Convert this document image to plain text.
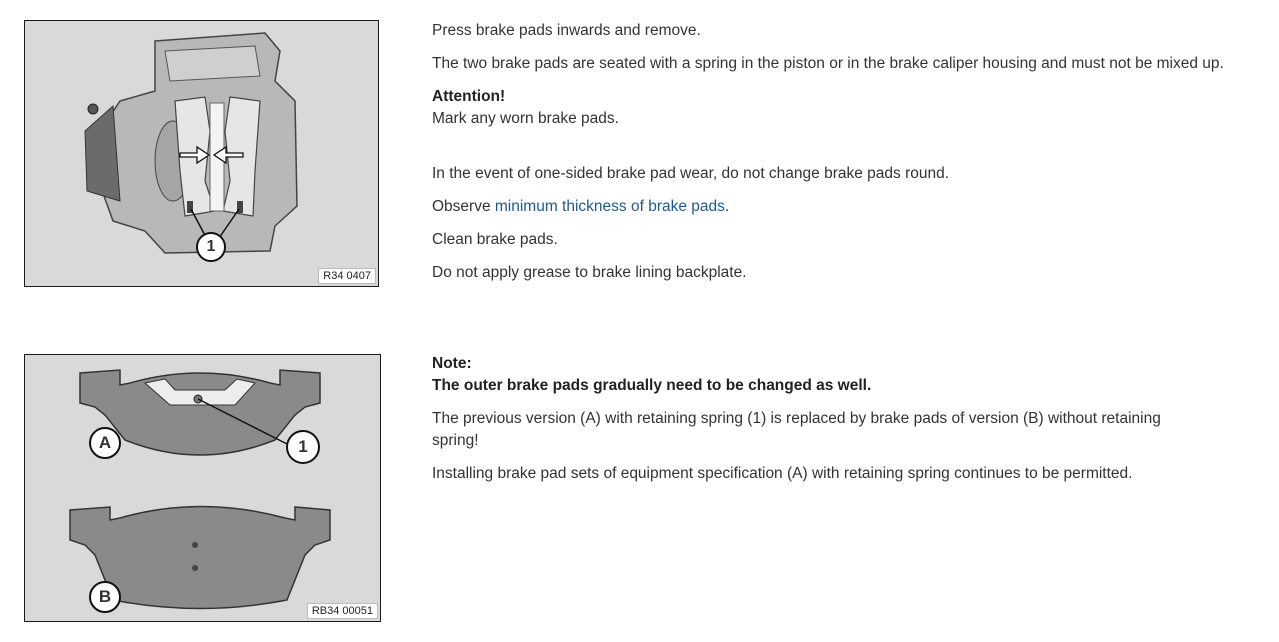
1
R34 0407
A
B
1
RB34 00051

Press brake pads inwards and remove.

The two brake pads are seated with a spring in the piston or in the brake caliper housing and must not be mixed up.

Attention!

Mark any worn brake pads.

In the event of one-sided brake pad wear, do not change brake pads round.

Observe minimum thickness of brake pads.

Clean brake pads.

Do not apply grease to brake lining backplate.

Note:

The outer brake pads gradually need to be changed as well.

The previous version (A) with retaining spring (1) is replaced by brake pads of version (B) without retaining spring!

Installing brake pad sets of equipment specification (A) with retaining spring continues to be permitted.
